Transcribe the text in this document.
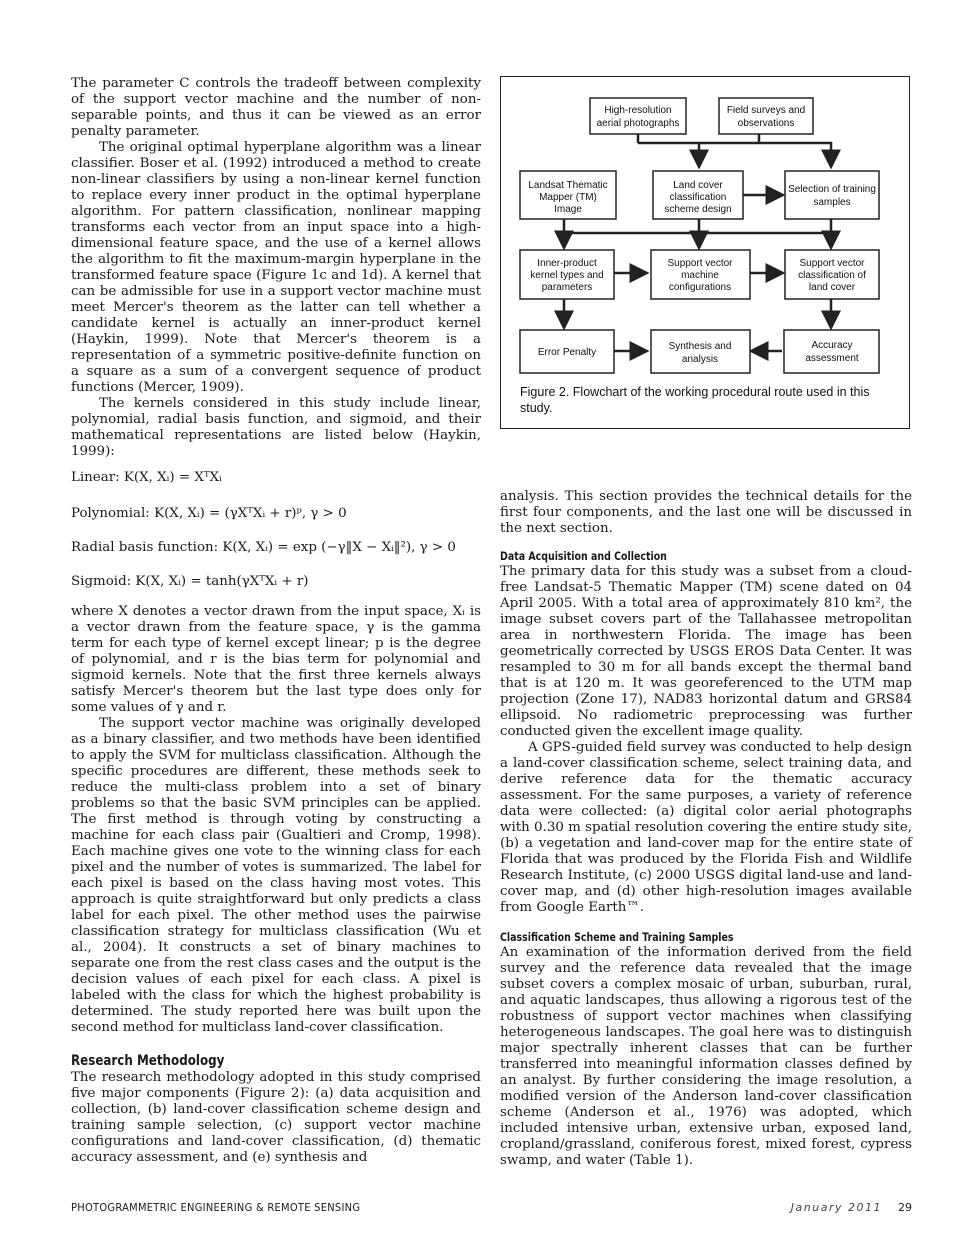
The parameter C controls the tradeoff between complexity of the support vector machine and the number of non-separable points, and thus it can be viewed as an error penalty parameter.

The original optimal hyperplane algorithm was a linear classifier. Boser et al. (1992) introduced a method to create non-linear classifiers by using a non-linear kernel function to replace every inner product in the optimal hyperplane algorithm. For pattern classification, nonlinear mapping transforms each vector from an input space into a high-dimensional feature space, and the use of a kernel allows the algorithm to fit the maximum-margin hyperplane in the transformed feature space (Figure 1c and 1d). A kernel that can be admissible for use in a support vector machine must meet Mercer's theorem as the latter can tell whether a candidate kernel is actually an inner-product kernel (Haykin, 1999). Note that Mercer's theorem is a representation of a symmetric positive-definite function on a square as a sum of a convergent sequence of product functions (Mercer, 1909).

The kernels considered in this study include linear, polynomial, radial basis function, and sigmoid, and their mathematical representations are listed below (Haykin, 1999):

Linear: K(X, Xᵢ) = XᵀXᵢ

Polynomial: K(X, Xᵢ) = (γXᵀXᵢ + r)ᵖ, γ > 0

Radial basis function: K(X, Xᵢ) = exp (−γ‖X − Xᵢ‖²), γ > 0

Sigmoid: K(X, Xᵢ) = tanh(γXᵀXᵢ + r)

where X denotes a vector drawn from the input space, Xᵢ is a vector drawn from the feature space, γ is the gamma term for each type of kernel except linear; p is the degree of polynomial, and r is the bias term for polynomial and sigmoid kernels. Note that the first three kernels always satisfy Mercer's theorem but the last type does only for some values of γ and r.

The support vector machine was originally developed as a binary classifier, and two methods have been identified to apply the SVM for multiclass classification. Although the specific procedures are different, these methods seek to reduce the multi-class problem into a set of binary problems so that the basic SVM principles can be applied. The first method is through voting by constructing a machine for each class pair (Gualtieri and Cromp, 1998). Each machine gives one vote to the winning class for each pixel and the number of votes is summarized. The label for each pixel is based on the class having most votes. This approach is quite straightforward but only predicts a class label for each pixel. The other method uses the pairwise classification strategy for multiclass classification (Wu et al., 2004). It constructs a set of binary machines to separate one from the rest class cases and the output is the decision values of each pixel for each class. A pixel is labeled with the class for which the highest probability is determined. The study reported here was built upon the second method for multiclass land-cover classification.

Research Methodology

The research methodology adopted in this study comprised five major components (Figure 2): (a) data acquisition and collection, (b) land-cover classification scheme design and training sample selection, (c) support vector machine configurations and land-cover classification, (d) thematic accuracy assessment, and (e) synthesis and

High-resolution
aerial photographs
Field surveys and
observations
Landsat Thematic
Mapper (TM)
Image
Land cover
classification
scheme design
Selection of training
samples
Inner-product
kernel types and
parameters
Support vector
machine
configurations
Support vector
classification of
land cover
Error Penalty
Synthesis and
analysis
Accuracy
assessment
Figure 2. Flowchart of the working procedural route used in this study.

analysis. This section provides the technical details for the first four components, and the last one will be discussed in the next section.

Data Acquisition and Collection

The primary data for this study was a subset from a cloud-free Landsat-5 Thematic Mapper (TM) scene dated on 04 April 2005. With a total area of approximately 810 km², the image subset covers part of the Tallahassee metropolitan area in northwestern Florida. The image has been geometrically corrected by USGS EROS Data Center. It was resampled to 30 m for all bands except the thermal band that is at 120 m. It was georeferenced to the UTM map projection (Zone 17), NAD83 horizontal datum and GRS84 ellipsoid. No radiometric preprocessing was further conducted given the excellent image quality.

A GPS-guided field survey was conducted to help design a land-cover classification scheme, select training data, and derive reference data for the thematic accuracy assessment. For the same purposes, a variety of reference data were collected: (a) digital color aerial photographs with 0.30 m spatial resolution covering the entire study site, (b) a vegetation and land-cover map for the entire state of Florida that was produced by the Florida Fish and Wildlife Research Institute, (c) 2000 USGS digital land-use and land-cover map, and (d) other high-resolution images available from Google Earth™.

Classification Scheme and Training Samples

An examination of the information derived from the field survey and the reference data revealed that the image subset covers a complex mosaic of urban, suburban, rural, and aquatic landscapes, thus allowing a rigorous test of the robustness of support vector machines when classifying heterogeneous landscapes. The goal here was to distinguish major spectrally inherent classes that can be further transferred into meaningful information classes defined by an analyst. By further considering the image resolution, a modified version of the Anderson land-cover classification scheme (Anderson et al., 1976) was adopted, which included intensive urban, extensive urban, exposed land, cropland/grassland, coniferous forest, mixed forest, cypress swamp, and water (Table 1).

PHOTOGRAMMETRIC ENGINEERING & REMOTE SENSING	January 2011 29
